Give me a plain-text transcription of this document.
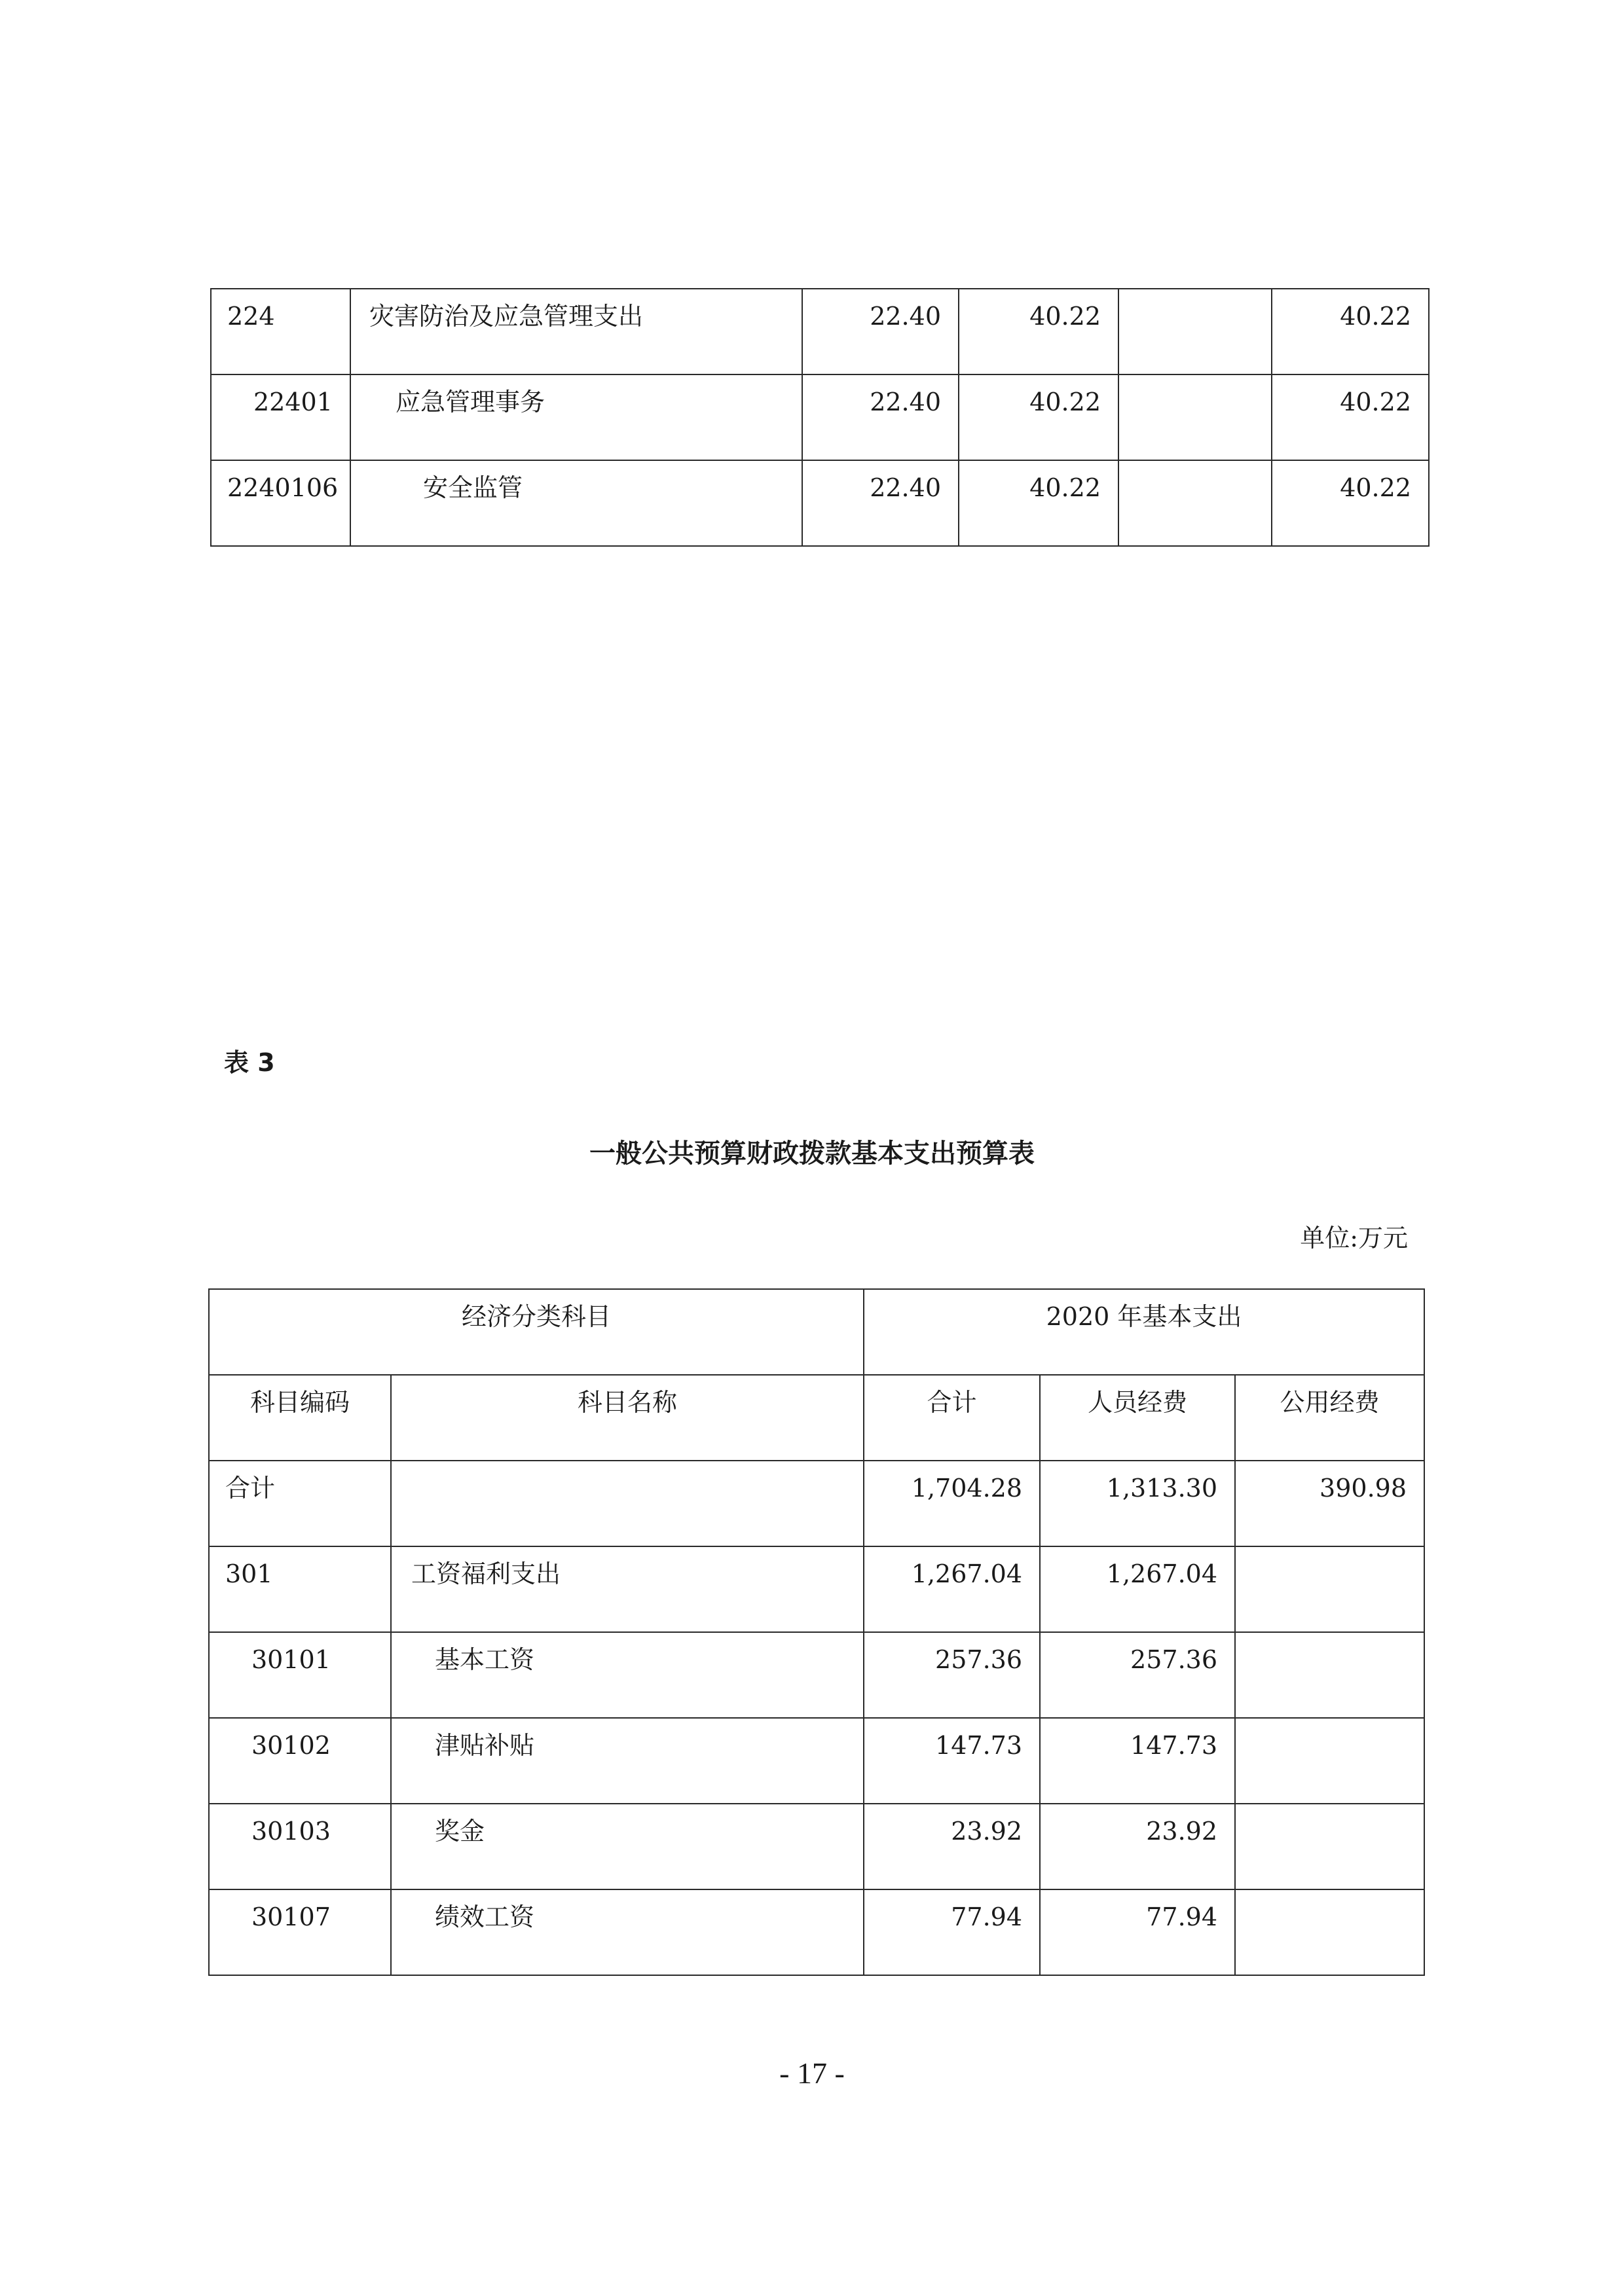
224	灾害防治及应急管理支出	22.40	40.22		40.22

22401	应急管理事务	22.40	40.22		40.22

2240106	安全监管	22.40	40.22		40.22
表 3
一般公共预算财政拨款基本支出预算表
单位:万元
经济分类科目		2020 年基本支出		

科目编码	科目名称	合计	人员经费	公用经费

合计		1,704.28	1,313.30	390.98

301	工资福利支出	1,267.04	1,267.04	

30101	基本工资	257.36	257.36	

30102	津贴补贴	147.73	147.73	

30103	奖金	23.92	23.92	

30107	绩效工资	77.94	77.94	

- 17 -
